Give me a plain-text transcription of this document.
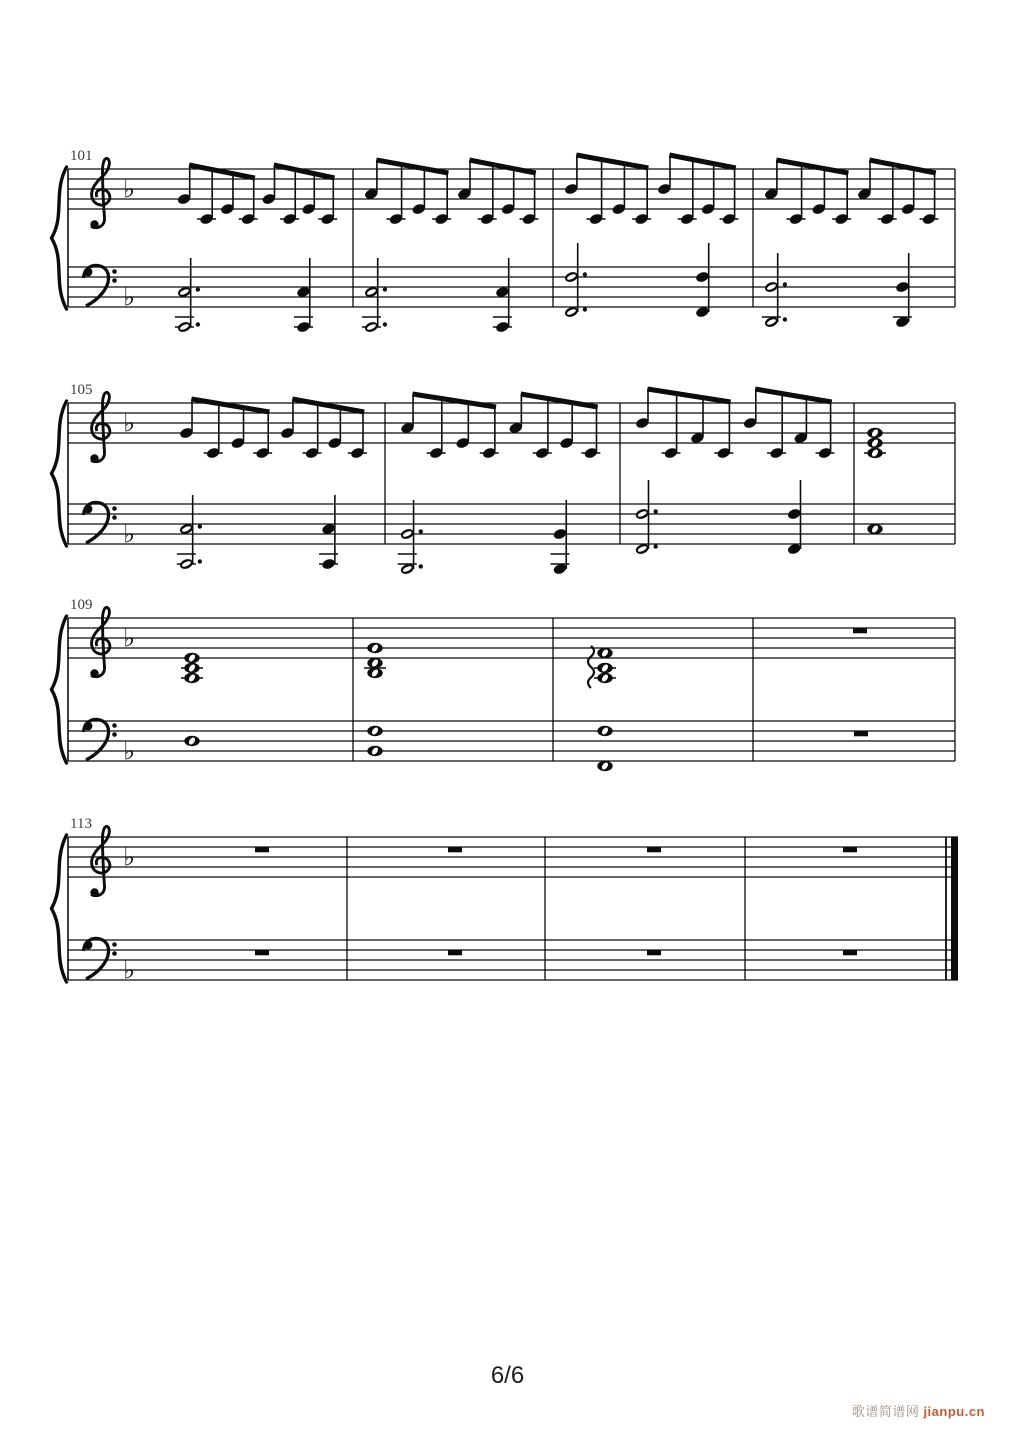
♭
♭
101
♭
♭
105
♭
♭
109
♭
♭
113
6/6
歌谱简谱网 jianpu.cn
